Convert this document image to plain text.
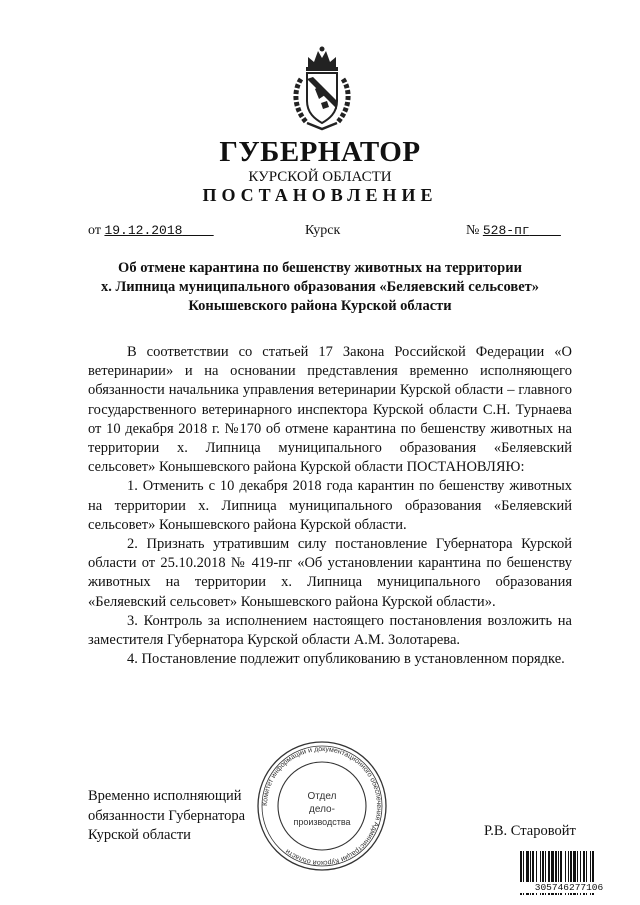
ГУБЕРНАТОР
КУРСКОЙ ОБЛАСТИ
ПОСТАНОВЛЕНИЕ
от 19.12.2018	Курск	№ 528-пг
Об отмене карантина по бешенству животных на территории
х. Липница муниципального образования «Беляевский сельсовет»
Конышевского района Курской области

В соответствии со статьей 17 Закона Российской Федерации «О ветеринарии» и на основании представления временно исполняющего обязанности начальника управления ветеринарии Курской области – главного государственного ветеринарного инспектора Курской области С.Н. Турнаева от 10 декабря 2018 г. №170 об отмене карантина по бешенству животных на территории х. Липница муниципального образования «Беляевский сельсовет» Конышевского района Курской области ПОСТАНОВЛЯЮ:

1. Отменить с 10 декабря 2018 года карантин по бешенству животных на территории х. Липница муниципального образования «Беляевский сельсовет» Конышевского района Курской области.

2. Признать утратившим силу постановление Губернатора Курской области от 25.10.2018 № 419-пг «Об установлении карантина по бешенству животных на территории х. Липница муниципального образования «Беляевский сельсовет» Конышевского района Курской области».

3. Контроль за исполнением настоящего постановления возложить на заместителя Губернатора Курской области А.М. Золотарева.

4. Постановление подлежит опубликованию в установленном порядке.

Временно исполняющий
обязанности Губернатора
Курской области	Р.В. Старовойт
Комитет информации и документационного обеспечения Администрации Курской области
Отдел
дело-
производства
305746277106
